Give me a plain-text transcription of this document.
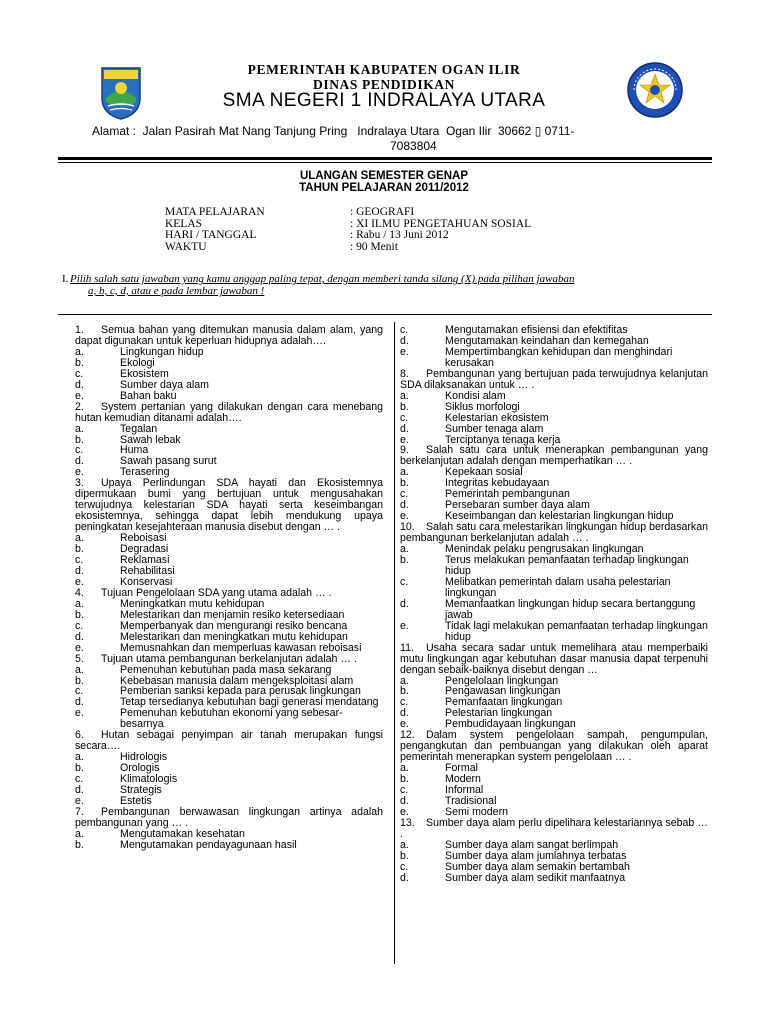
PEMERINTAH KABUPATEN OGAN ILIR
DINAS PENDIDIKAN
SMA NEGERI 1 INDRALAYA UTARA
Alamat :  Jalan Pasirah Mat Nang Tanjung Pring   Indralaya Utara  Ogan Ilir  30662 ▯ 0711-
7083804
ULANGAN SEMESTER GENAP
TAHUN PELAJARAN 2011/2012
MATA PELAJARAN	: GEOGRAFI
KELAS	: XI ILMU PENGETAHUAN SOSIAL
HARI / TANGGAL	: Rabu / 13 Juni 2012
WAKTU	: 90 Menit
I. Pilih salah satu jawaban yang kamu anggap paling tepat, dengan memberi tanda silang (X) pada pilihan jawaban
a, b, c, d, atau e pada lembar jawaban !
1. Semua bahan yang ditemukan manusia dalam alam, yang dapat digunakan untuk keperluan hidupnya adalah….
a.	Lingkungan hidup
b.	Ekologi
c.	Ekosistem
d.	Sumber daya alam
e.	Bahan baku
2. System pertanian yang dilakukan dengan cara menebang hutan kemudian ditanami adalah….
a.	Tegalan
b.	Sawah lebak
c.	Huma
d.	Sawah pasang surut
e.	Terasering
3. Upaya Perlindungan SDA hayati dan Ekosistemnya dipermukaan bumi yang bertujuan untuk mengusahakan terwujudnya kelestarian SDA hayati serta keseimbangan ekosistemnya, sehingga dapat lebih mendukung upaya peningkatan kesejahteraan manusia disebut dengan … .
a.	Reboisasi
b.	Degradasi
c.	Reklamasi
d.	Rehabilitasi
e.	Konservasi
4. Tujuan Pengelolaan SDA yang utama adalah … .
a.	Meningkatkan mutu kehidupan
b.	Melestarikan dan menjamin resiko ketersediaan
c.	Memperbanyak dan mengurangi resiko bencana
d.	Melestarikan dan meningkatkan mutu kehidupan
e.	Memusnahkan dan memperluas kawasan reboisasi
5. Tujuan utama pembangunan berkelanjutan adalah … .
a.	Pemenuhan kebutuhan pada masa sekarang
b.	Kebebasan manusia dalam mengeksploitasi alam
c.	Pemberian sanksi kepada para perusak lingkungan
d.	Tetap tersedianya kebutuhan bagi generasi mendatang
e.	Pemenuhan kebutuhan ekonomi yang sebesar-besarnya
6. Hutan sebagai penyimpan air tanah merupakan fungsi secara….
a.	Hidrologis
b.	Orologis
c.	Klimatologis
d.	Strategis
e.	Estetis
7. Pembangunan berwawasan lingkungan artinya adalah pembangunan yang … .
a.	Mengutamakan kesehatan
b.	Mengutamakan pendayagunaan hasil
c.	Mengutamakan efisiensi dan efektifitas
d.	Mengutamakan keindahan dan kemegahan
e.	Mempertimbangkan kehidupan dan menghindari kerusakan
8. Pembangunan yang bertujuan pada terwujudnya kelanjutan SDA dilaksanakan untuk … .
a.	Kondisi alam
b.	Siklus morfologi
c.	Kelestarian ekosistem
d.	Sumber tenaga alam
e.	Terciptanya tenaga kerja
9. Salah satu cara untuk menerapkan pembangunan yang berkelanjutan adalah dengan memperhatikan … .
a.	Kepekaan sosial
b.	Integritas kebudayaan
c.	Pemerintah pembangunan
d.	Persebaran sumber daya alam
e.	Keseimbangan dan kelestarian lingkungan hidup
10. Salah satu cara melestarikan lingkungan hidup berdasarkan pembangunan berkelanjutan adalah … .
a.	Menindak pelaku pengrusakan lingkungan
b.	Terus melakukan pemanfaatan terhadap lingkungan hidup
c.	Melibatkan pemerintah dalam usaha pelestarian lingkungan
d.	Memanfaatkan lingkungan hidup secara bertanggung jawab
e.	Tidak lagi melakukan pemanfaatan terhadap lingkungan hidup
11. Usaha secara sadar untuk memelihara atau memperbaiki mutu lingkungan agar kebutuhan dasar manusia dapat terpenuhi dengan sebaik-baiknya disebut dengan …
a.	Pengelolaan lingkungan
b.	Pengawasan lingkungan
c.	Pemanfaatan lingkungan
d.	Pelestarian lingkungan
e.	Pembudidayaan lingkungan
12. Dalam system pengelolaan sampah, pengumpulan, pengangkutan dan pembuangan yang dilakukan oleh aparat pemerintah menerapkan system pengelolaan … .
a.	Formal
b.	Modern
c.	Informal
d.	Tradisional
e.	Semi modern
13. Sumber daya alam perlu dipelihara kelestariannya sebab … .
a.	Sumber daya alam sangat berlimpah
b.	Sumber daya alam jumlahnya terbatas
c.	Sumber daya alam semakin bertambah
d.	Sumber daya alam sedikit manfaatnya
